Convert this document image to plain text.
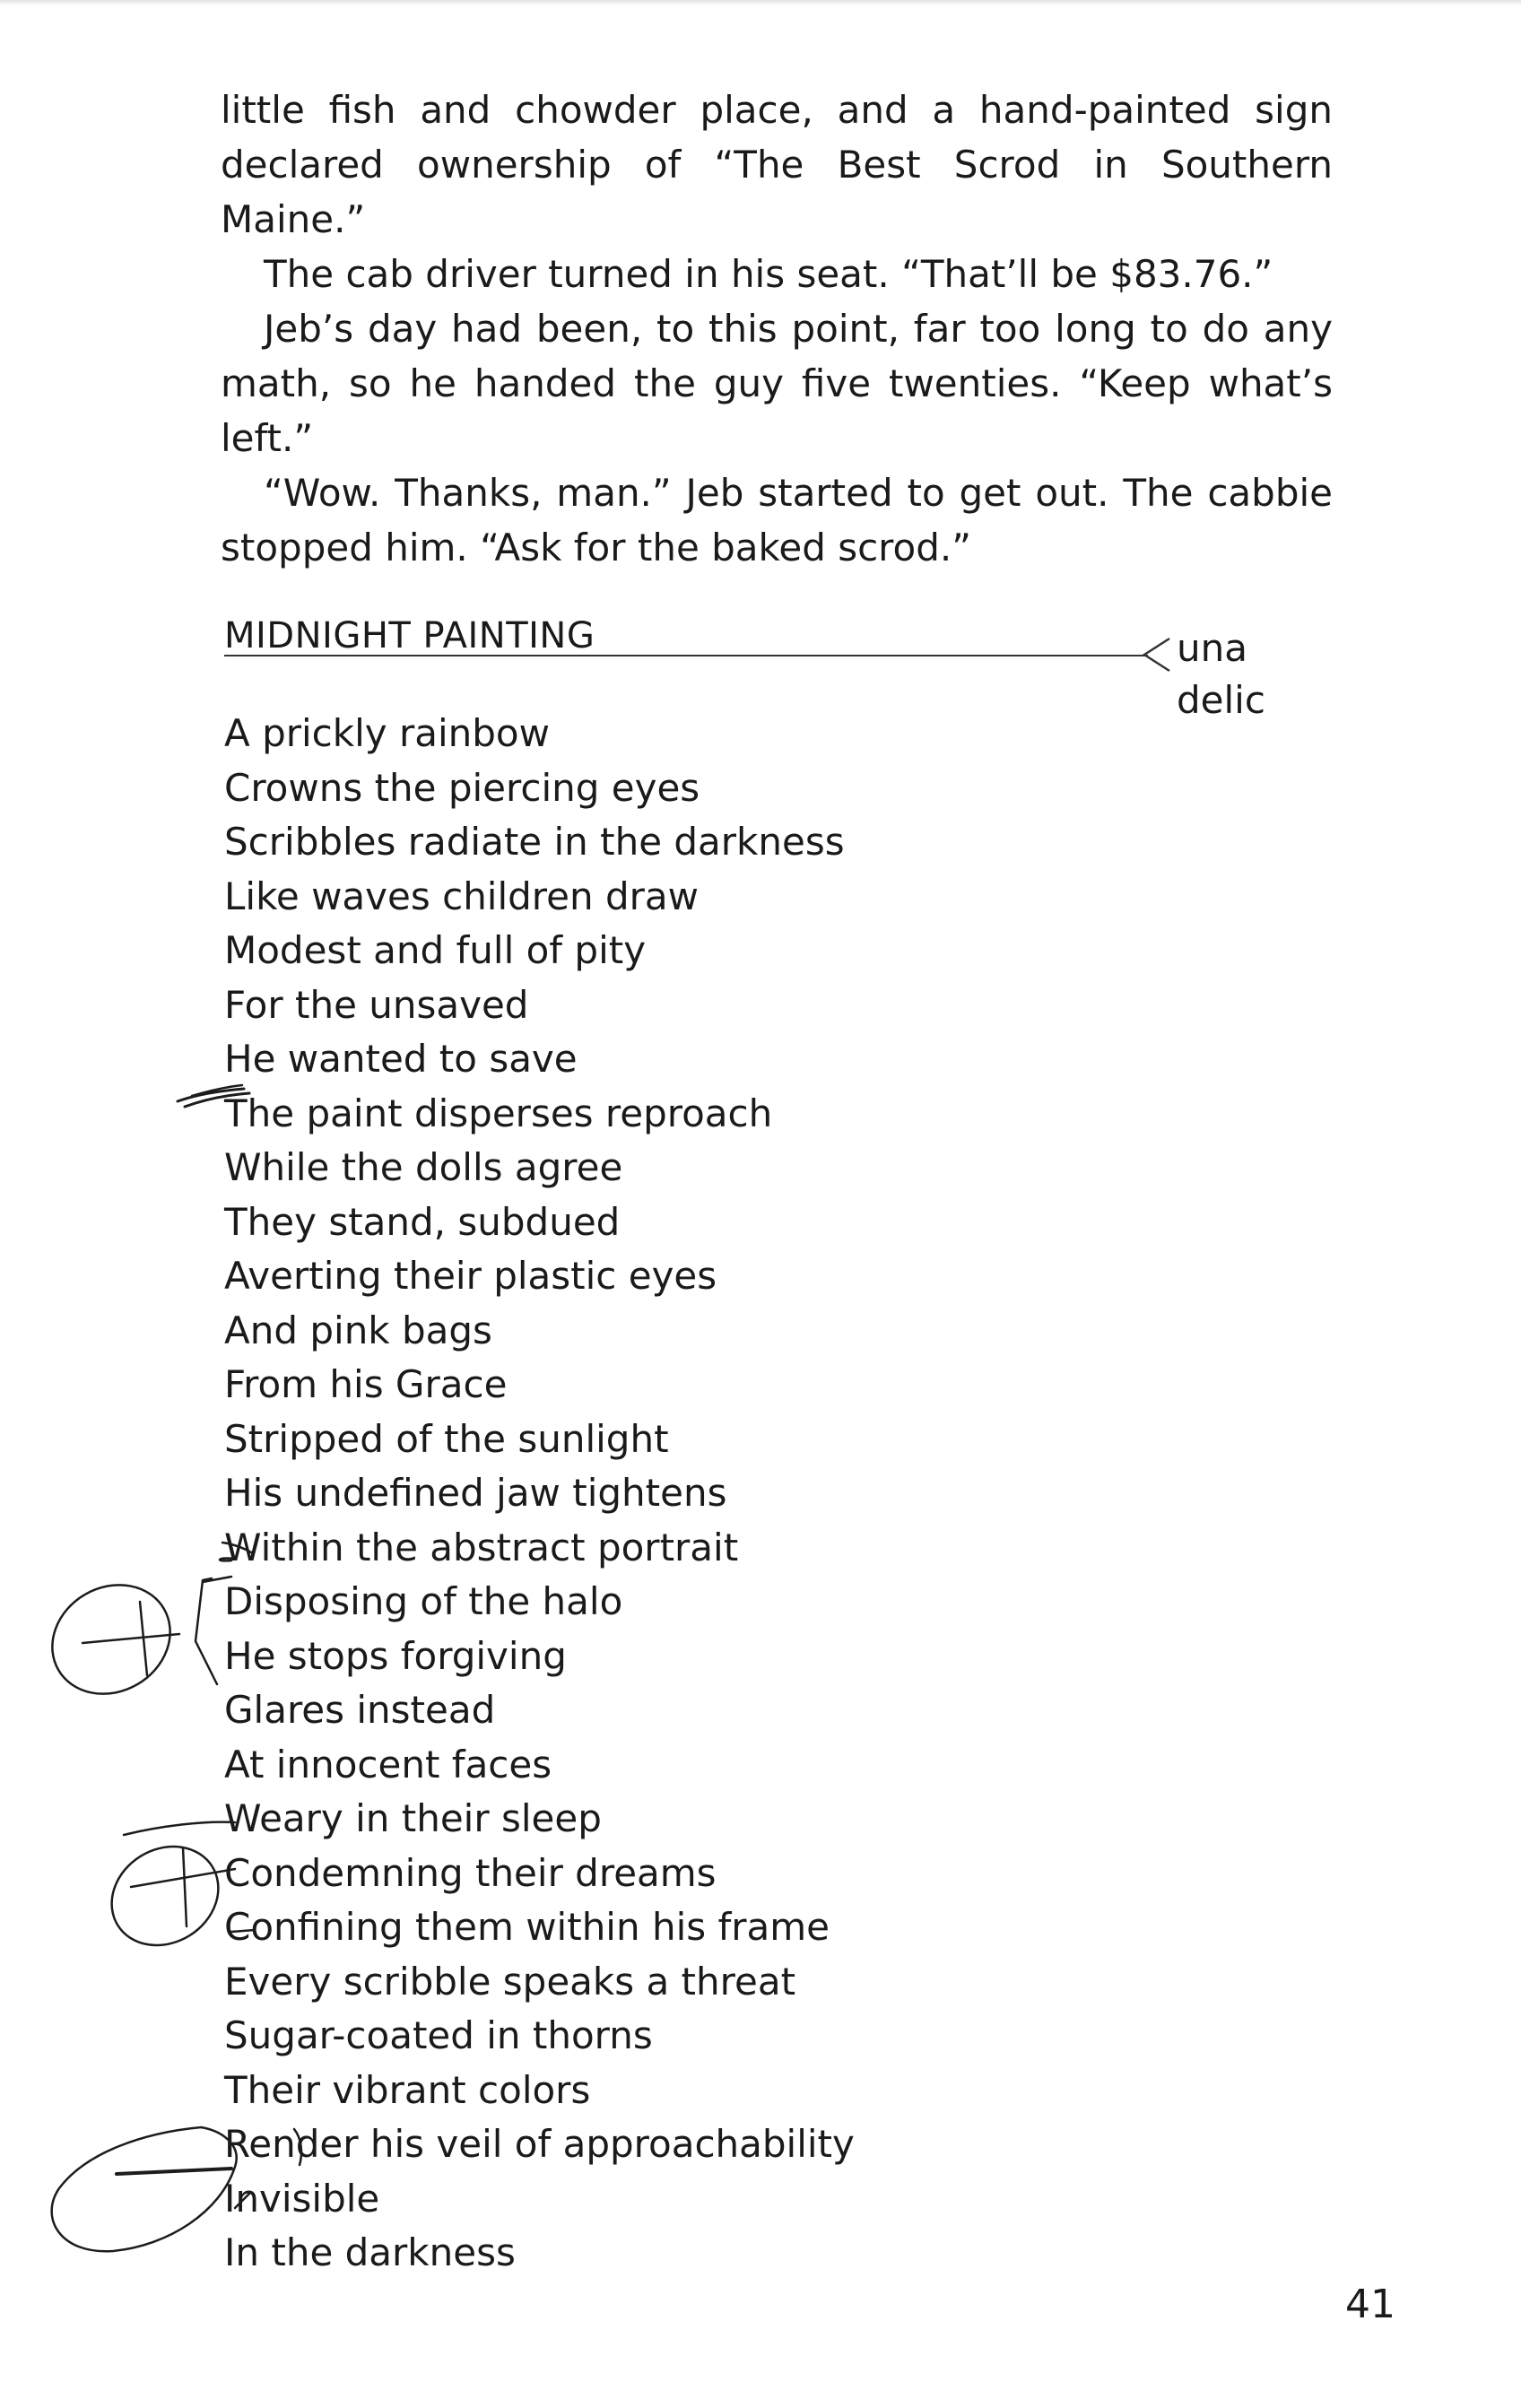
little fish and chowder place, and a hand-painted sign declared ownership of “The Best Scrod in Southern Maine.”

The cab driver turned in his seat. “That’ll be $83.76.”

Jeb’s day had been, to this point, far too long to do any math, so he handed the guy five twenties. “Keep what’s left.”

“Wow. Thanks, man.” Jeb started to get out. The cabbie stopped him. “Ask for the baked scrod.”

MIDNIGHT PAINTING	una delic
A prickly rainbow
Crowns the piercing eyes
Scribbles radiate in the darkness
Like waves children draw
Modest and full of pity
For the unsaved
He wanted to save
The paint disperses reproach
While the dolls agree
They stand, subdued
Averting their plastic eyes
And pink bags
From his Grace
Stripped of the sunlight
His undefined jaw tightens
Within the abstract portrait
Disposing of the halo
He stops forgiving
Glares instead
At innocent faces
Weary in their sleep
Condemning their dreams
Confining them within his frame
Every scribble speaks a threat
Sugar-coated in thorns
Their vibrant colors
Render his veil of approachability
Invisible
In the darkness
41
